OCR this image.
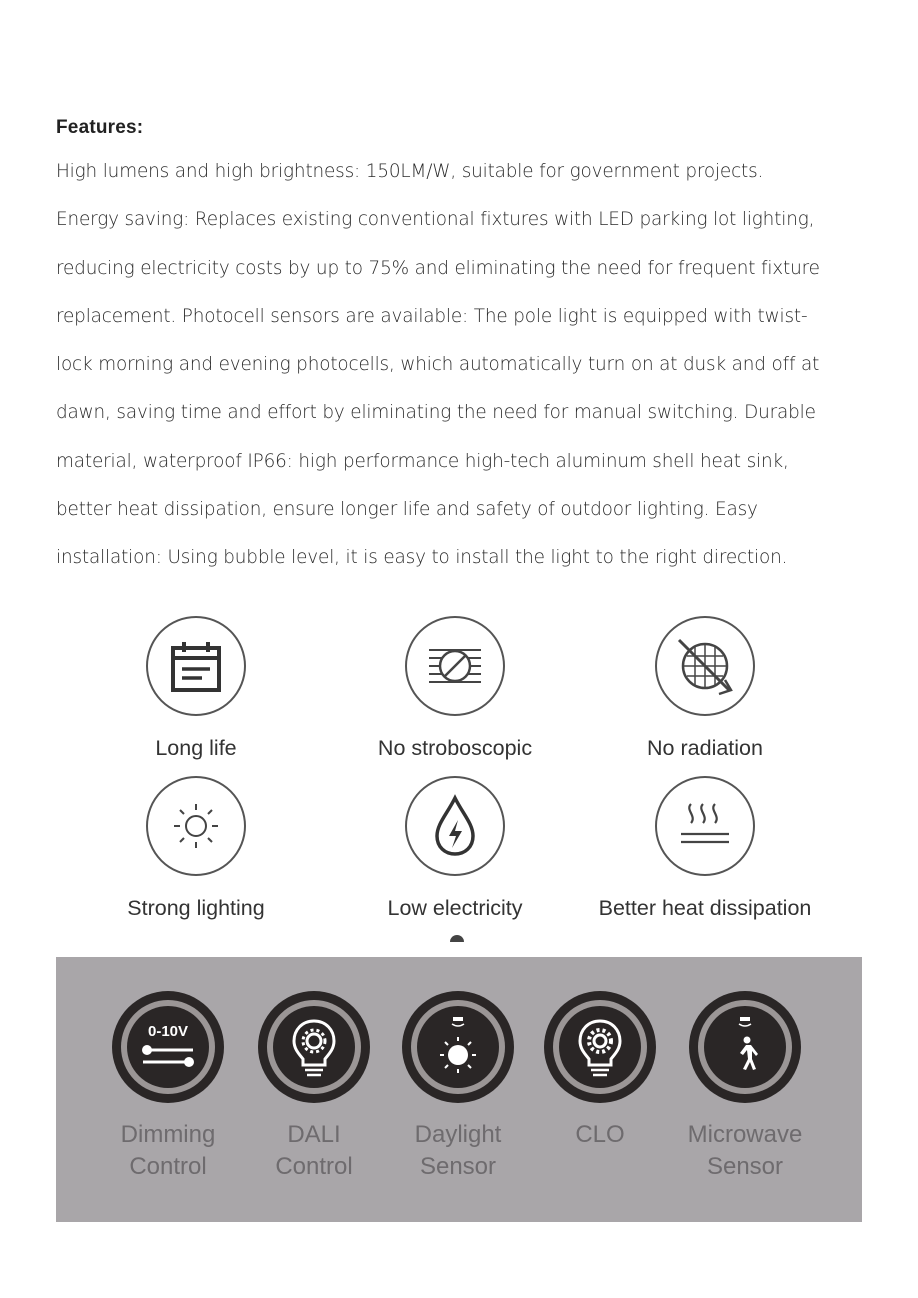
Features:
High lumens and high brightness: 150LM/W, suitable for government projects.
Energy saving: Replaces existing conventional fixtures with LED parking lot lighting,
reducing electricity costs by up to 75% and eliminating the need for frequent fixture
replacement. Photocell sensors are available: The pole light is equipped with twist-
lock morning and evening photocells, which automatically turn on at dusk and off at
dawn, saving time and effort by eliminating the need for manual switching. Durable
material, waterproof IP66: high performance high-tech aluminum shell heat sink,
better heat dissipation, ensure longer life and safety of outdoor lighting. Easy
installation: Using bubble level, it is easy to install the light to the right direction.
Long life	No stroboscopic	No radiation
Strong lighting	Low electricity	Better heat dissipation
0-10V
Dimming
Control
DALI
Control
Daylight
Sensor
CLO	Microwave
Sensor
